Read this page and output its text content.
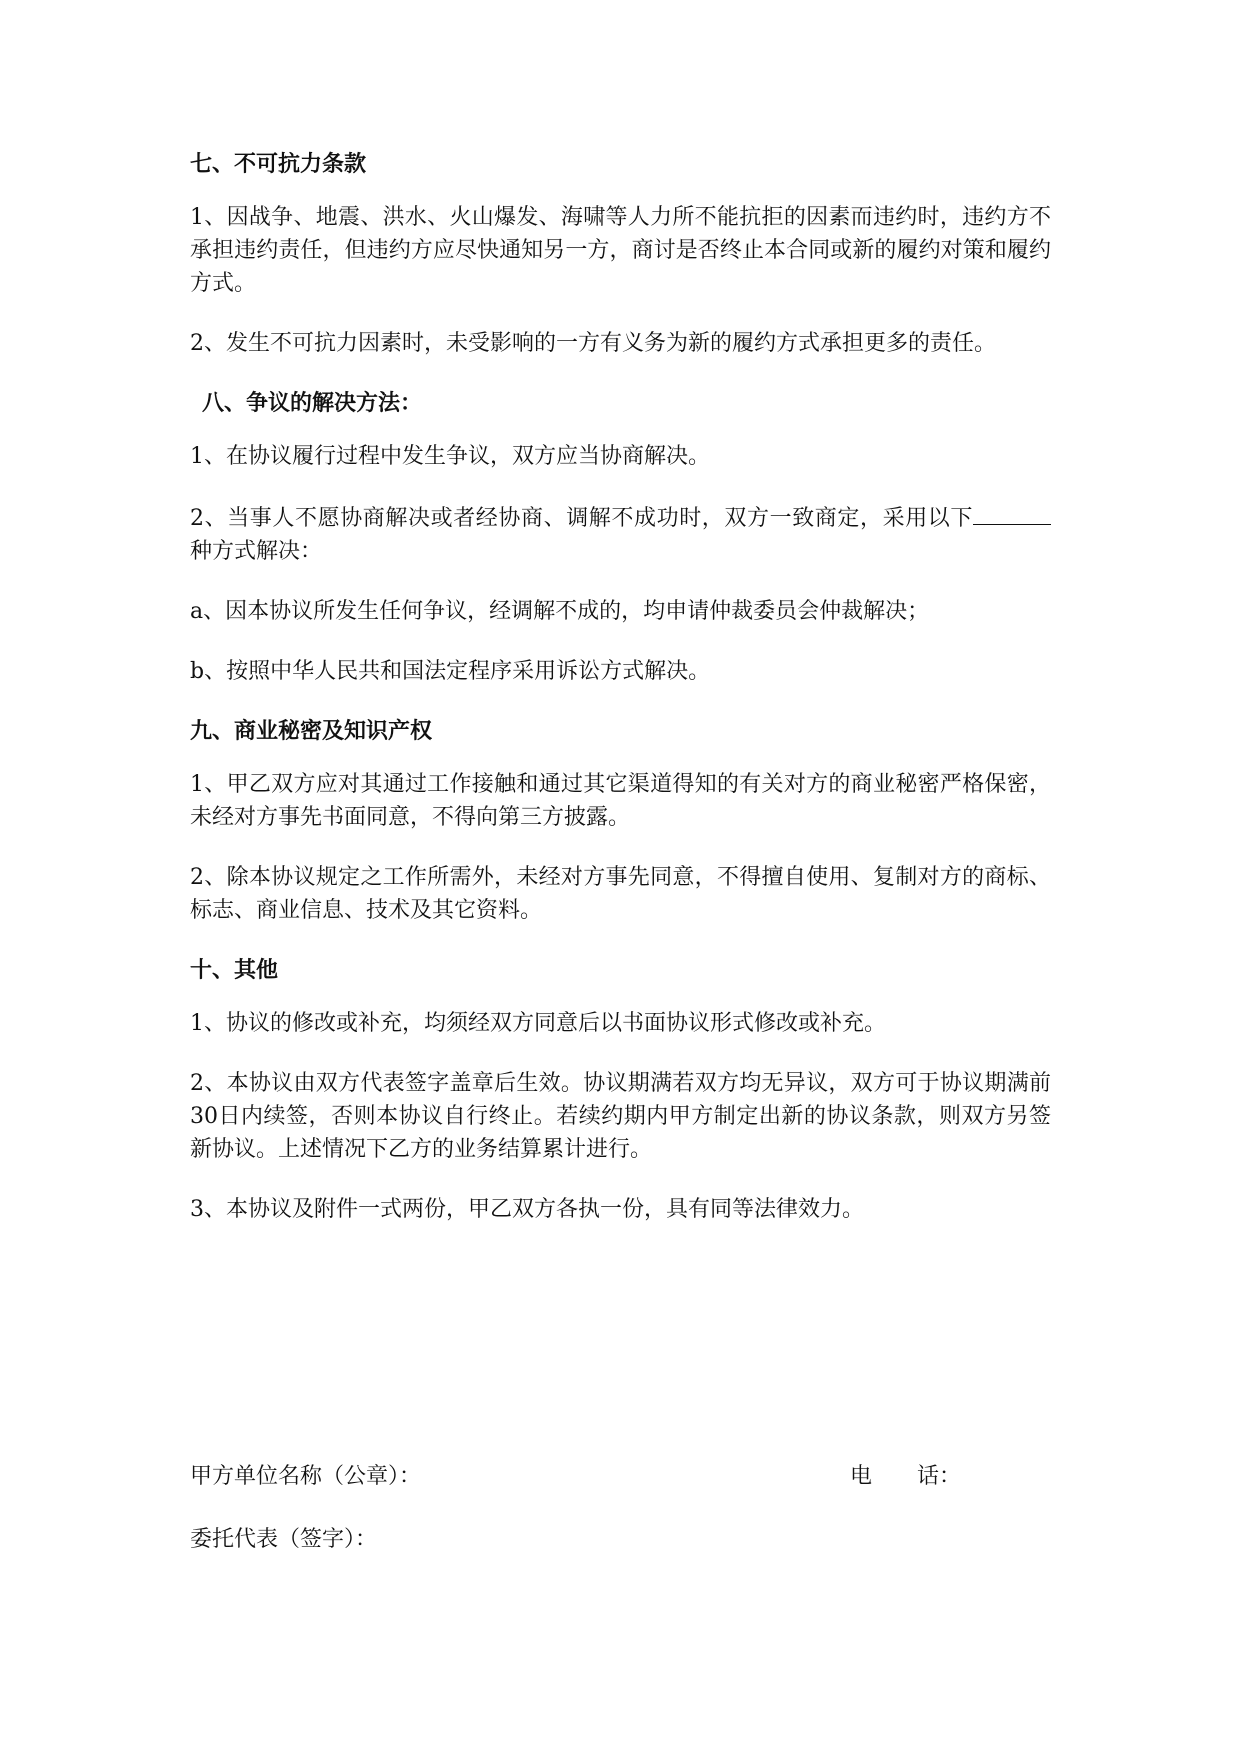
七、不可抗力条款
1、因战争、地震、洪水、火山爆发、海啸等人力所不能抗拒的因素而违约时，违约方不承担违约责任，但违约方应尽快通知另一方，商讨是否终止本合同或新的履约对策和履约方式。
2、发生不可抗力因素时，未受影响的一方有义务为新的履约方式承担更多的责任。
八、争议的解决方法：
1、在协议履行过程中发生争议，双方应当协商解决。
2、当事人不愿协商解决或者经协商、调解不成功时，双方一致商定，采用以下种方式解决：
a、因本协议所发生任何争议，经调解不成的，均申请仲裁委员会仲裁解决；
b、按照中华人民共和国法定程序采用诉讼方式解决。
九、商业秘密及知识产权
1、甲乙双方应对其通过工作接触和通过其它渠道得知的有关对方的商业秘密严格保密，未经对方事先书面同意，不得向第三方披露。
2、除本协议规定之工作所需外，未经对方事先同意，不得擅自使用、复制对方的商标、标志、商业信息、技术及其它资料。
十、其他
1、协议的修改或补充，均须经双方同意后以书面协议形式修改或补充。
2、本协议由双方代表签字盖章后生效。协议期满若双方均无异议，双方可于协议期满前30日内续签，否则本协议自行终止。若续约期内甲方制定出新的协议条款，则双方另签新协议。上述情况下乙方的业务结算累计进行。
3、本协议及附件一式两份，甲乙双方各执一份，具有同等法律效力。
甲方单位名称（公章）：	电 话：
委托代表（签字）：
